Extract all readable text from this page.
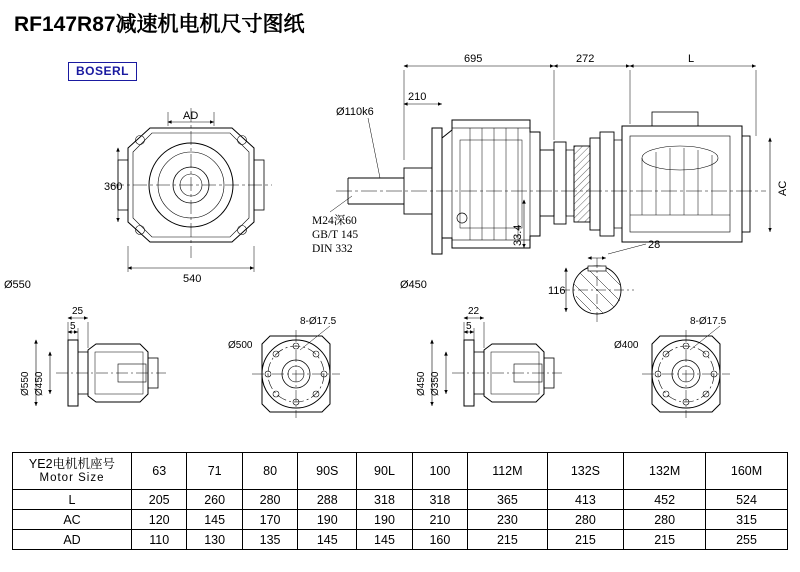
RF147R87减速机电机尺寸图纸
BOSERL
AD
360
540
695	272	L
210
Ø110k6
33.4
AC
M24深60
GB/T 145
DIN 332	28
116
Ø550	Ø450
25
5
Ø550 Ø450
8-Ø17.5
Ø500
22
5
Ø450 Ø350
8-Ø17.5
Ø400
YE2电机机座号
Motor Size	63	71	80	90S	90L	100	112M	132S	132M	160M
L	205	260	280	288	318	318	365	413	452	524
AC	120	145	170	190	190	210	230	280	280	315
AD	110	130	135	145	145	160	215	215	215	255
